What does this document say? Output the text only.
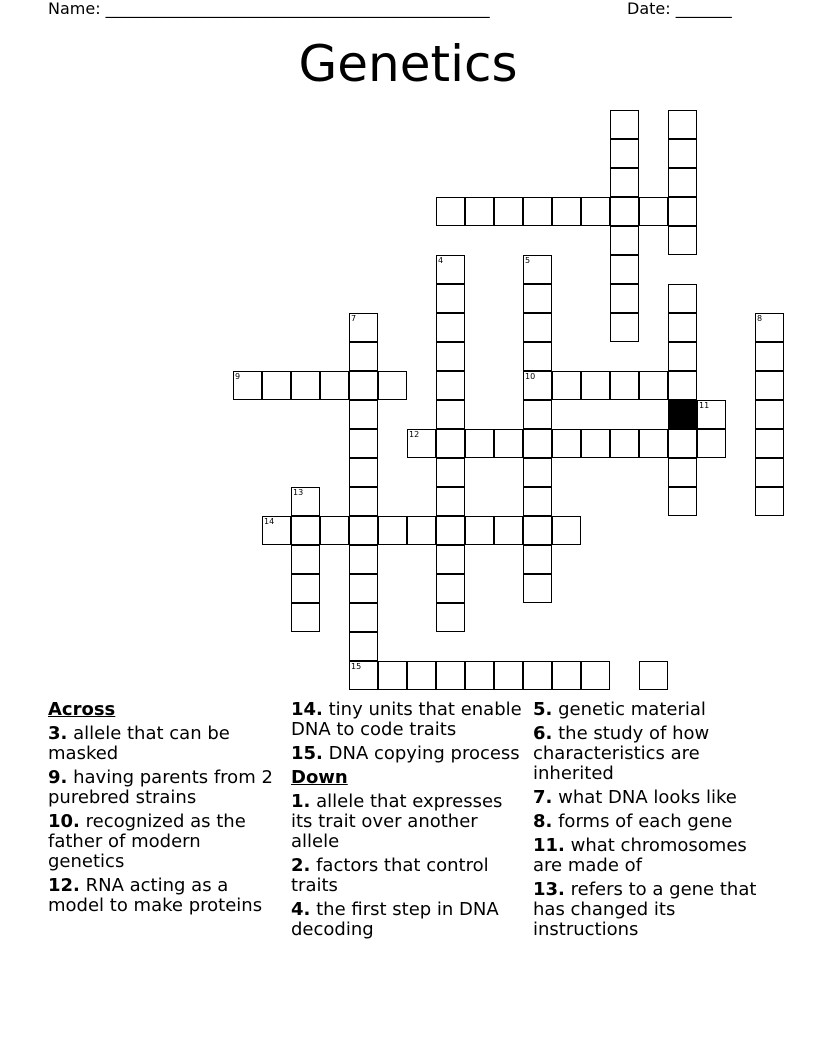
Name: ________________________________________________	Date: _______
Genetics
4	5
10
7
15
8
9
11
12
13
14
Across
3. allele that can be masked
9. having parents from 2 purebred strains
10. recognized as the father of modern genetics
12. RNA acting as a model to make proteins
14. tiny units that enable DNA to code traits
15. DNA copying process
Down
1. allele that expresses its trait over another allele
2. factors that control traits
4. the first step in DNA decoding
5. genetic material
6. the study of how characteristics are inherited
7. what DNA looks like
8. forms of each gene
11. what chromosomes are made of
13. refers to a gene that has changed its instructions
